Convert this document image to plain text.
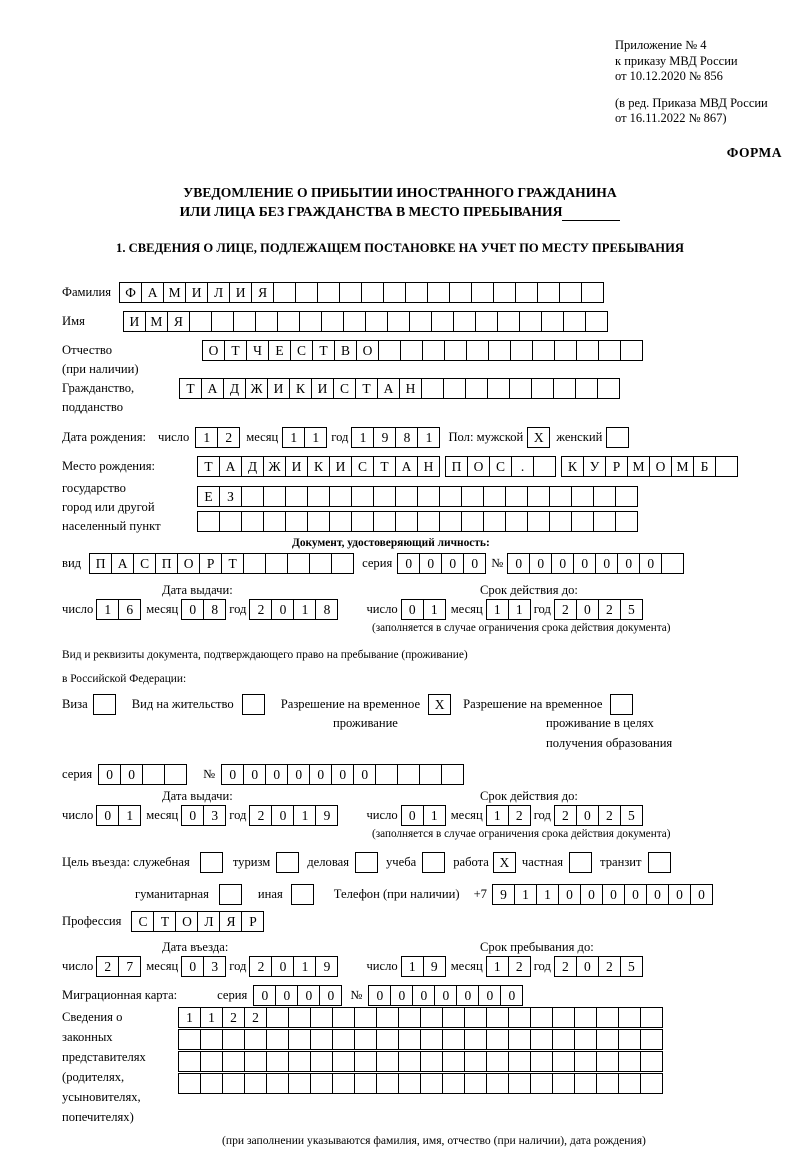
Приложение № 4
к приказу МВД России
от 10.12.2020 № 856
(в ред. Приказа МВД России
от 16.11.2022 № 867)
ФОРМА
УВЕДОМЛЕНИЕ О ПРИБЫТИИ ИНОСТРАННОГО ГРАЖДАНИНА
ИЛИ ЛИЦА БЕЗ ГРАЖДАНСТВА В МЕСТО ПРЕБЫВАНИЯ
1. СВЕДЕНИЯ О ЛИЦЕ, ПОДЛЕЖАЩЕМ ПОСТАНОВКЕ НА УЧЕТ ПО МЕСТУ ПРЕБЫВАНИЯ
Фамилия	Ф А М И Л И Я
Имя	И М Я
Отчество	О Т Ч Е С Т В О
(при наличии)
Гражданство,	Т А Д Ж И К И С Т А Н
подданство
Дата рождения: число	1	2	месяц 1	1 год 1	9	8	1	Пол: мужской Х	женский
Место рождения:	Т А Д Ж И К И С Т А Н	П О С	.	К У Р М О М Б
государство
Е	З
город или другой
населенный пункт
Документ, удостоверяющий личность:
вид	П А С П О Р	Т	серия 0	0	0	0	№ 0	0	0	0	0	0	0
Дата выдачи:	Срок действия до:
число 1	6	месяц 0	8 год 2	0	1	8	число 0	1	месяц 1	1 год 2	0	2	5
(заполняется в случае ограничения срока действия документа)
Вид и реквизиты документа, подтверждающего право на пребывание (проживание)
в Российской Федерации:
Виза	Вид на жительство	Разрешение на временное	Х	Разрешение на временное
проживание	проживание в целях
получения образования
серия	0	0	№	0	0	0	0	0	0	0
Дата выдачи:	Срок действия до:
число 0	1	месяц 0	3 год 2	0	1	9	число 0	1	месяц 1	2 год 2	0	2	5
(заполняется в случае ограничения срока действия документа)
Цель въезда: служебная	туризм	деловая	учеба	работа Х	частная	транзит
гуманитарная	иная	Телефон (при наличии) +7 9	1	1	0	0	0	0	0	0	0
Профессия	С Т О Л Я	Р
Дата въезда:	Срок пребывания до:
число 2	7	месяц 0	3 год 2	0	1	9	число 1	9	месяц 1	2 год 2	0	2	5
Миграционная карта:	серия	0	0	0	0	№	0	0	0	0	0	0	0
Сведения о
законных
представителях
(родителях,
усыновителях,
попечителях)
1	1	2	2
(при заполнении указываются фамилия, имя, отчество (при наличии), дата рождения)
